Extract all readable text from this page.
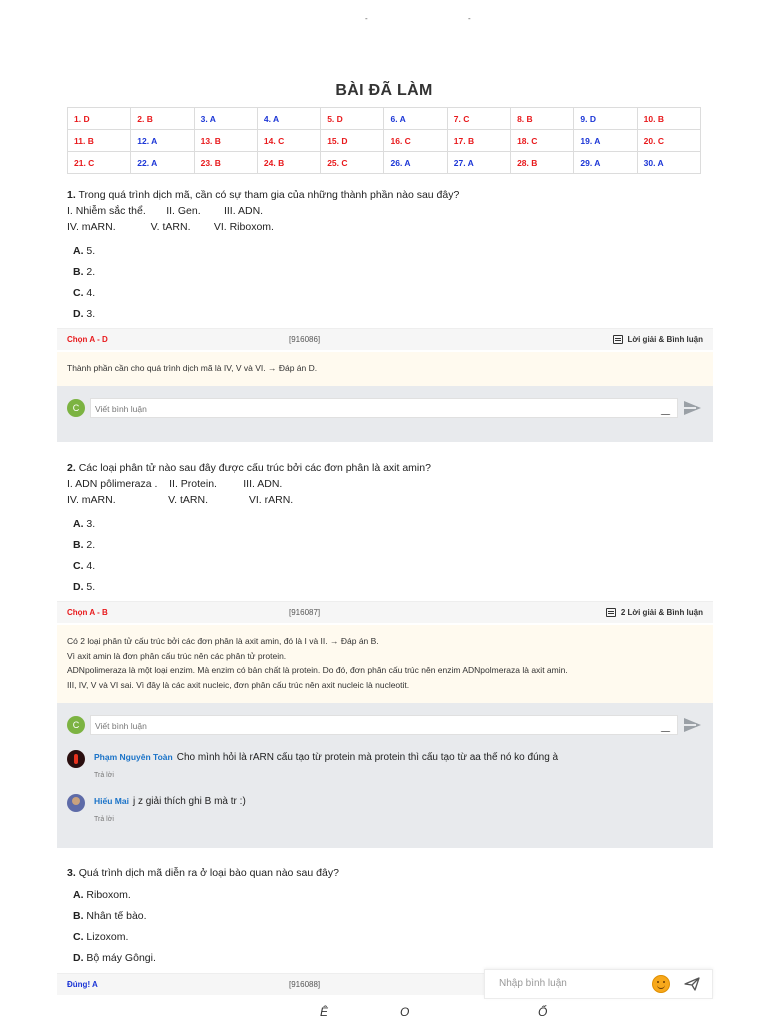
-	-
BÀI ĐÃ LÀM
1. D	2. B	3. A	4. A	5. D	6. A	7. C	8. B	9. D	10. B
11. B	12. A	13. B	14. C	15. D	16. C	17. B	18. C	19. A	20. C
21. C	22. A	23. B	24. B	25. C	26. A	27. A	28. B	29. A	30. A
1. Trong quá trình dịch mã, cần có sự tham gia của những thành phần nào sau đây?
I. Nhiễm sắc thể.       II. Gen.        III. ADN.
IV. mARN.            V. tARN.        VI. Riboxom.
A. 5.
B. 2.
C. 4.
D. 3.
Chọn A - D	[916086]	Lời giải & Bình luận
Thành phần cần cho quá trình dịch mã là IV, V và VI. → Đáp án D.
C	Viết bình luận
2. Các loại phân tử nào sau đây được cấu trúc bởi các đơn phân là axit amin?
I. ADN pôlimeraza .    II. Protein.         III. ADN.
IV. mARN.                  V. tARN.              VI. rARN.
A. 3.
B. 2.
C. 4.
D. 5.
Chọn A - B	[916087]	2 Lời giải & Bình luận
Có 2 loại phân tử cấu trúc bởi các đơn phân là axit amin, đó là I và II. → Đáp án B.
Vì axit amin là đơn phân cấu trúc nên các phân tử protein.
ADNpolimeraza là một loại enzim. Mà enzim có bản chất là protein. Do đó, đơn phân cấu trúc nên enzim ADNpolmeraza là axit amin.
III, IV, V và VI sai. Vì đây là các axit nucleic, đơn phân cấu trúc nên axit nucleic là nucleotit.
C	Viết bình luận
Phạm Nguyên Toàn Cho mình hỏi là rARN cấu tạo từ protein mà protein thì cấu tạo từ aa thế nó ko đúng à
Trả lời
Hiếu Mai j z giải thích ghi B mà tr :)
Trả lời
3. Quá trình dịch mã diễn ra ở loại bào quan nào sau đây?
A. Riboxom.
B. Nhân tế bào.
C. Lizoxom.
D. Bộ máy Gôngi.
Đúng! A	[916088]	Nhập bình luận
Ê	O	Ổ
